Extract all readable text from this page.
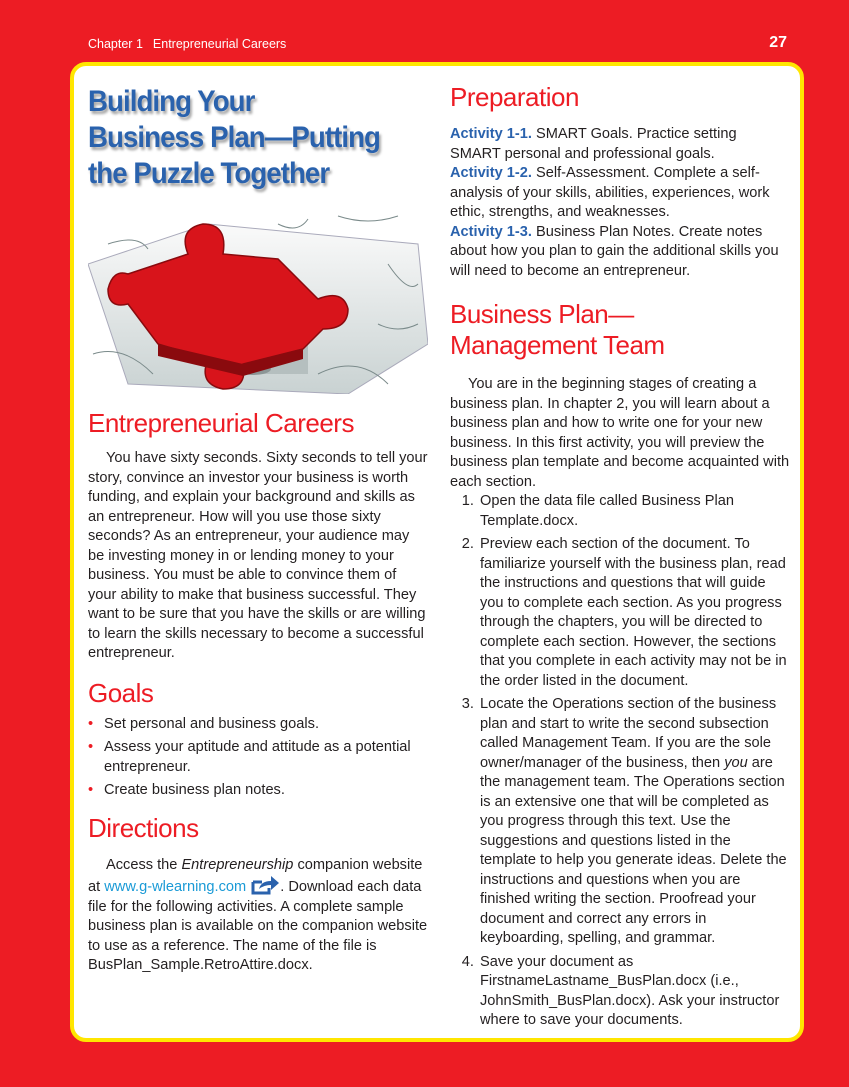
Chapter 1 Entrepreneurial Careers	27
Building Your
Business Plan—Putting
the Puzzle Together
Entrepreneurial Careers

You have sixty seconds. Sixty seconds to tell your story, convince an investor your business is worth funding, and explain your background and skills as an entrepreneur. How will you use those sixty seconds? As an entrepreneur, your audience may be investing money in or lending money to your business. You must be able to convince them of your ability to make that business successful. They want to be sure that you have the skills or are willing to learn the skills necessary to become a successful entrepreneur.

Goals
• Set personal and business goals.
• Assess your aptitude and attitude as a potential entrepreneur.
• Create business plan notes.
Directions

Access the Entrepreneurship companion website at www.g-wlearning.com . Download each data file for the following activities. A complete sample business plan is available on the companion website to use as a reference. The name of the file is BusPlan_Sample.RetroAttire.docx.

Preparation

Activity 1-1. SMART Goals. Practice setting SMART personal and professional goals.

Activity 1-2. Self-Assessment. Complete a self-analysis of your skills, abilities, experiences, work ethic, strengths, and weaknesses.

Activity 1-3. Business Plan Notes. Create notes about how you plan to gain the additional skills you will need to become an entrepreneur.

Business Plan—Management Team

You are in the beginning stages of creating a business plan. In chapter 2, you will learn about a business plan and how to write one for your new business. In this first activity, you will preview the business plan template and become acquainted with each section.

1. Open the data file called Business Plan Template.docx.
2. Preview each section of the document. To familiarize yourself with the business plan, read the instructions and questions that will guide you to complete each section. As you progress through the chapters, you will be directed to complete each section. However, the sections that you complete in each activity may not be in the order listed in the document.
3. Locate the Operations section of the business plan and start to write the second subsection called Management Team. If you are the sole owner/manager of the business, then you are the management team. The Operations section is an extensive one that will be completed as you progress through this text. Use the suggestions and questions listed in the template to help you generate ideas. Delete the instructions and questions when you are finished writing the section. Proofread your document and correct any errors in keyboarding, spelling, and grammar.
4. Save your document as FirstnameLastname_BusPlan.docx (i.e., JohnSmith_BusPlan.docx). Ask your instructor where to save your documents.
